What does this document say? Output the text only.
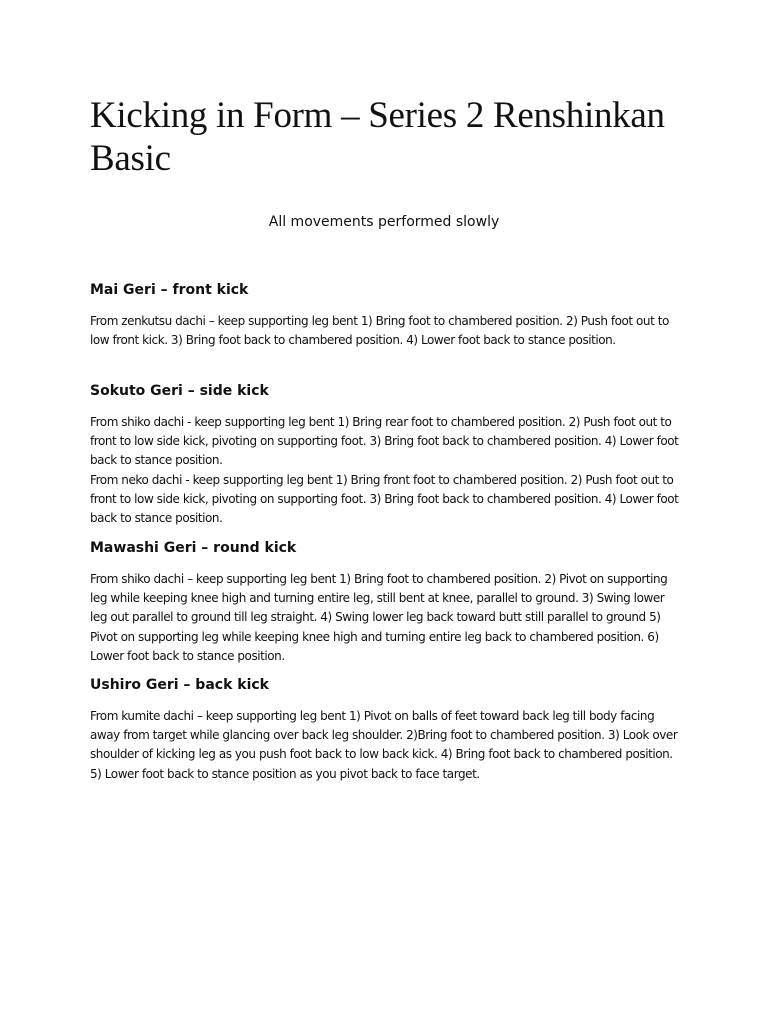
Kicking in Form – Series 2 Renshinkan Basic
All movements performed slowly
Mai Geri – front kick

From zenkutsu dachi – keep supporting leg bent 1) Bring foot to chambered position. 2) Push foot out to low front kick. 3) Bring foot back to chambered position. 4) Lower foot back to stance position.

Sokuto Geri – side kick

From shiko dachi - keep supporting leg bent 1) Bring rear foot to chambered position. 2) Push foot out to front to low side kick, pivoting on supporting foot. 3) Bring foot back to chambered position. 4) Lower foot back to stance position.

From neko dachi - keep supporting leg bent 1) Bring front foot to chambered position. 2) Push foot out to front to low side kick, pivoting on supporting foot. 3) Bring foot back to chambered position. 4) Lower foot back to stance position.

Mawashi Geri – round kick

From shiko dachi – keep supporting leg bent 1) Bring foot to chambered position. 2) Pivot on supporting leg while keeping knee high and turning entire leg, still bent at knee, parallel to ground. 3) Swing lower leg out parallel to ground till leg straight. 4) Swing lower leg back toward butt still parallel to ground 5) Pivot on supporting leg while keeping knee high and turning entire leg back to chambered position. 6) Lower foot back to stance position.

Ushiro Geri – back kick

From kumite dachi – keep supporting leg bent 1) Pivot on balls of feet toward back leg till body facing away from target while glancing over back leg shoulder. 2)Bring foot to chambered position. 3) Look over shoulder of kicking leg as you push foot back to low back kick. 4) Bring foot back to chambered position. 5) Lower foot back to stance position as you pivot back to face target.
